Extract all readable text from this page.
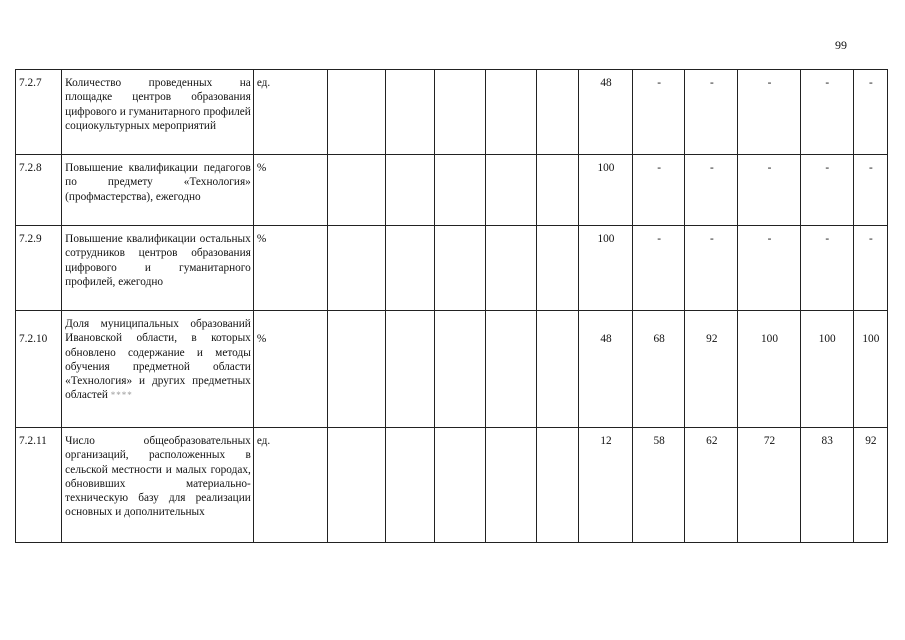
99
7.2.7	Количество проведенных на площадке центров образования цифрового и гуманитарного профилей социокультурных мероприятий	ед.						48	-	-	-	-	-
7.2.8	Повышение квалификации педагогов по предмету «Технология» (профмастерства), ежегодно	%						100	-	-	-	-	-
7.2.9	Повышение квалификации остальных сотрудников центров образования цифрового и гуманитарного профилей, ежегодно	%						100	-	-	-	-	-
7.2.10	Доля муниципальных образований Ивановской области, в которых обновлено содержание и методы обучения предметной области «Технология» и других предметных областей ****	%						48	68	92	100	100	100
7.2.11	Число общеобразовательных организаций, расположенных в сельской местности и малых городах, обновивших материально-техническую базу для реализации основных и дополнительных	ед.						12	58	62	72	83	92
